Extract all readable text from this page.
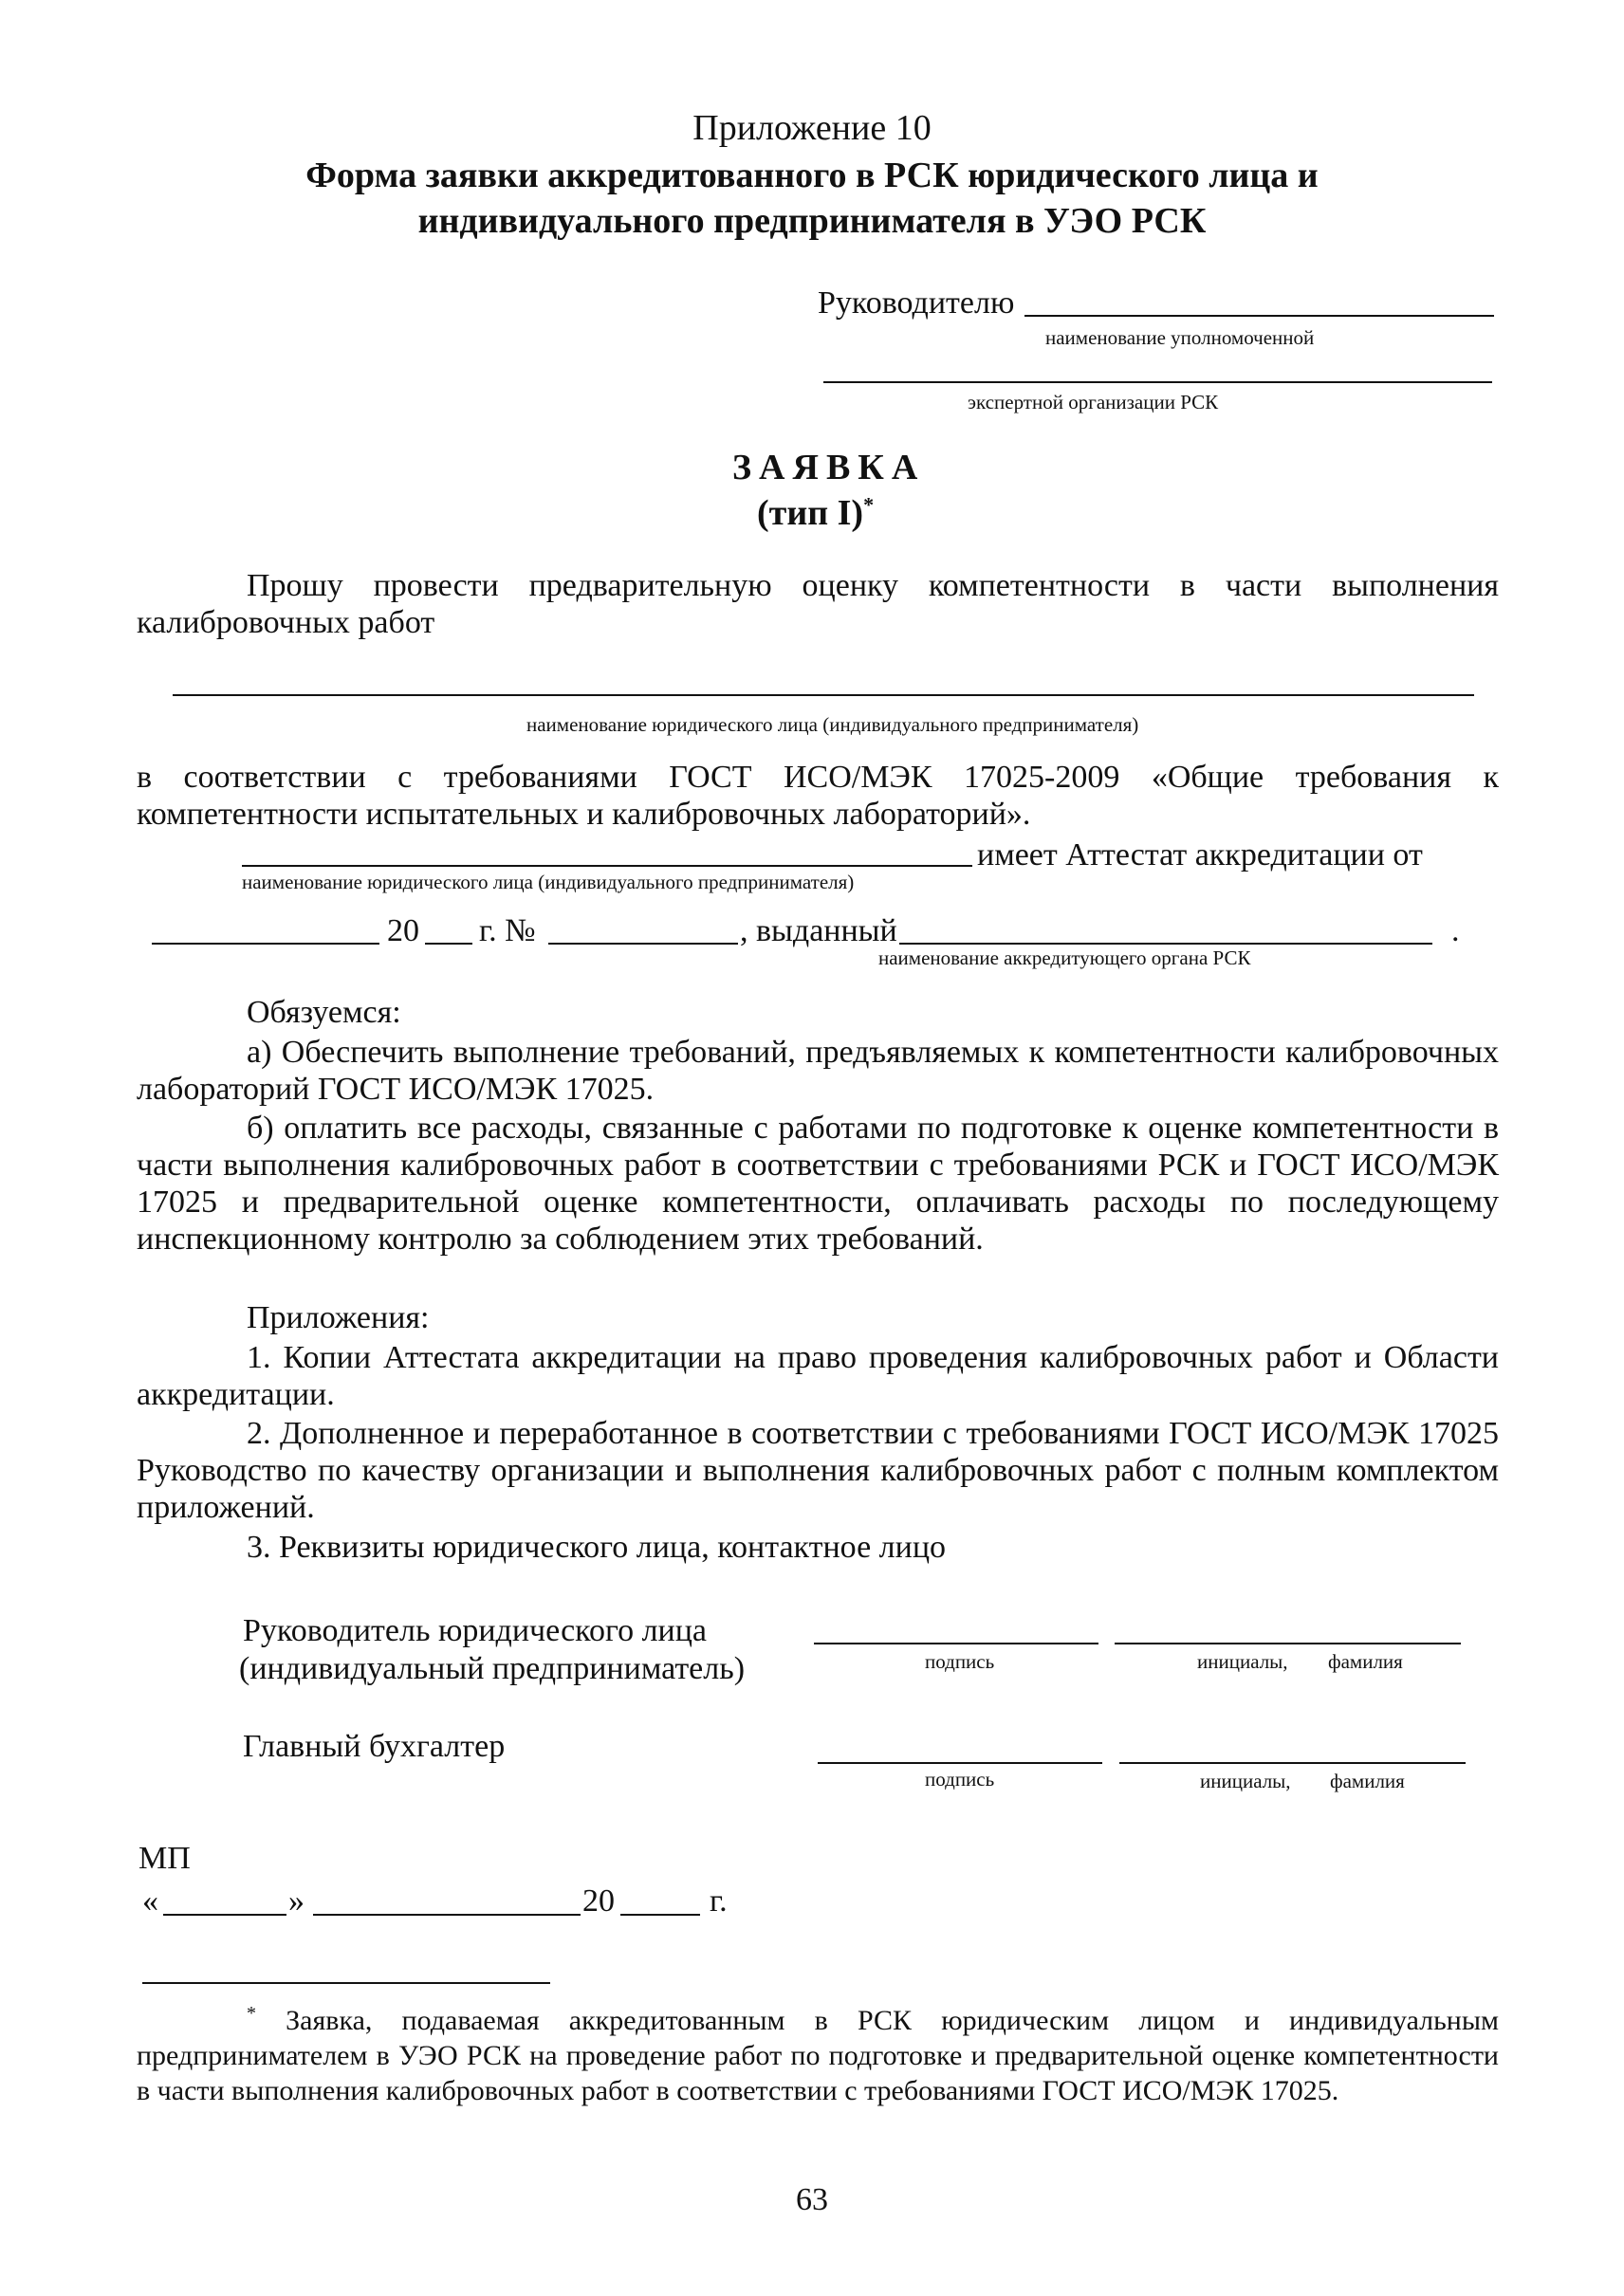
Приложение 10
Форма заявки аккредитованного в РСК юридического лица и
индивидуального предпринимателя в УЭО РСК
Руководителю
наименование уполномоченной
экспертной организации РСК
ЗАЯВКА
(тип I)*
Прошу провести предварительную оценку компетентности в части выполнения калибровочных работ
наименование юридического лица (индивидуального предпринимателя)
в соответствии с требованиями ГОСТ ИСО/МЭК 17025-2009 «Общие требования к компетентности испытательных и калибровочных лабораторий».
имеет Аттестат аккредитации от
наименование юридического лица (индивидуального предпринимателя)
20 г. №	, выданный	.
наименование аккредитующего органа РСК
Обязуемся:
а) Обеспечить выполнение требований, предъявляемых к компетентности калибровочных лабораторий ГОСТ ИСО/МЭК 17025.
б) оплатить все расходы, связанные с работами по подготовке к оценке компетентности в части выполнения калибровочных работ в соответствии с требованиями РСК и ГОСТ ИСО/МЭК 17025 и предварительной оценке компетентности, оплачивать расходы по последующему инспекционному контролю за соблюдением этих требований.
Приложения:
1. Копии Аттестата аккредитации на право проведения калибровочных работ и Области аккредитации.
2. Дополненное и переработанное в соответствии с требованиями ГОСТ ИСО/МЭК 17025 Руководство по качеству организации и выполнения калибровочных работ с полным комплектом приложений.
3. Реквизиты юридического лица, контактное лицо
Руководитель юридического лица
(индивидуальный предприниматель)	подпись	инициалы, фамилия
Главный бухгалтер
подпись	инициалы, фамилия
МП
«	»	20	г.
* Заявка, подаваемая аккредитованным в РСК юридическим лицом и индивидуальным предпринимателем в УЭО РСК на проведение работ по подготовке и предварительной оценке компетентности в части выполнения калибровочных работ в соответствии с требованиями ГОСТ ИСО/МЭК 17025.
63
